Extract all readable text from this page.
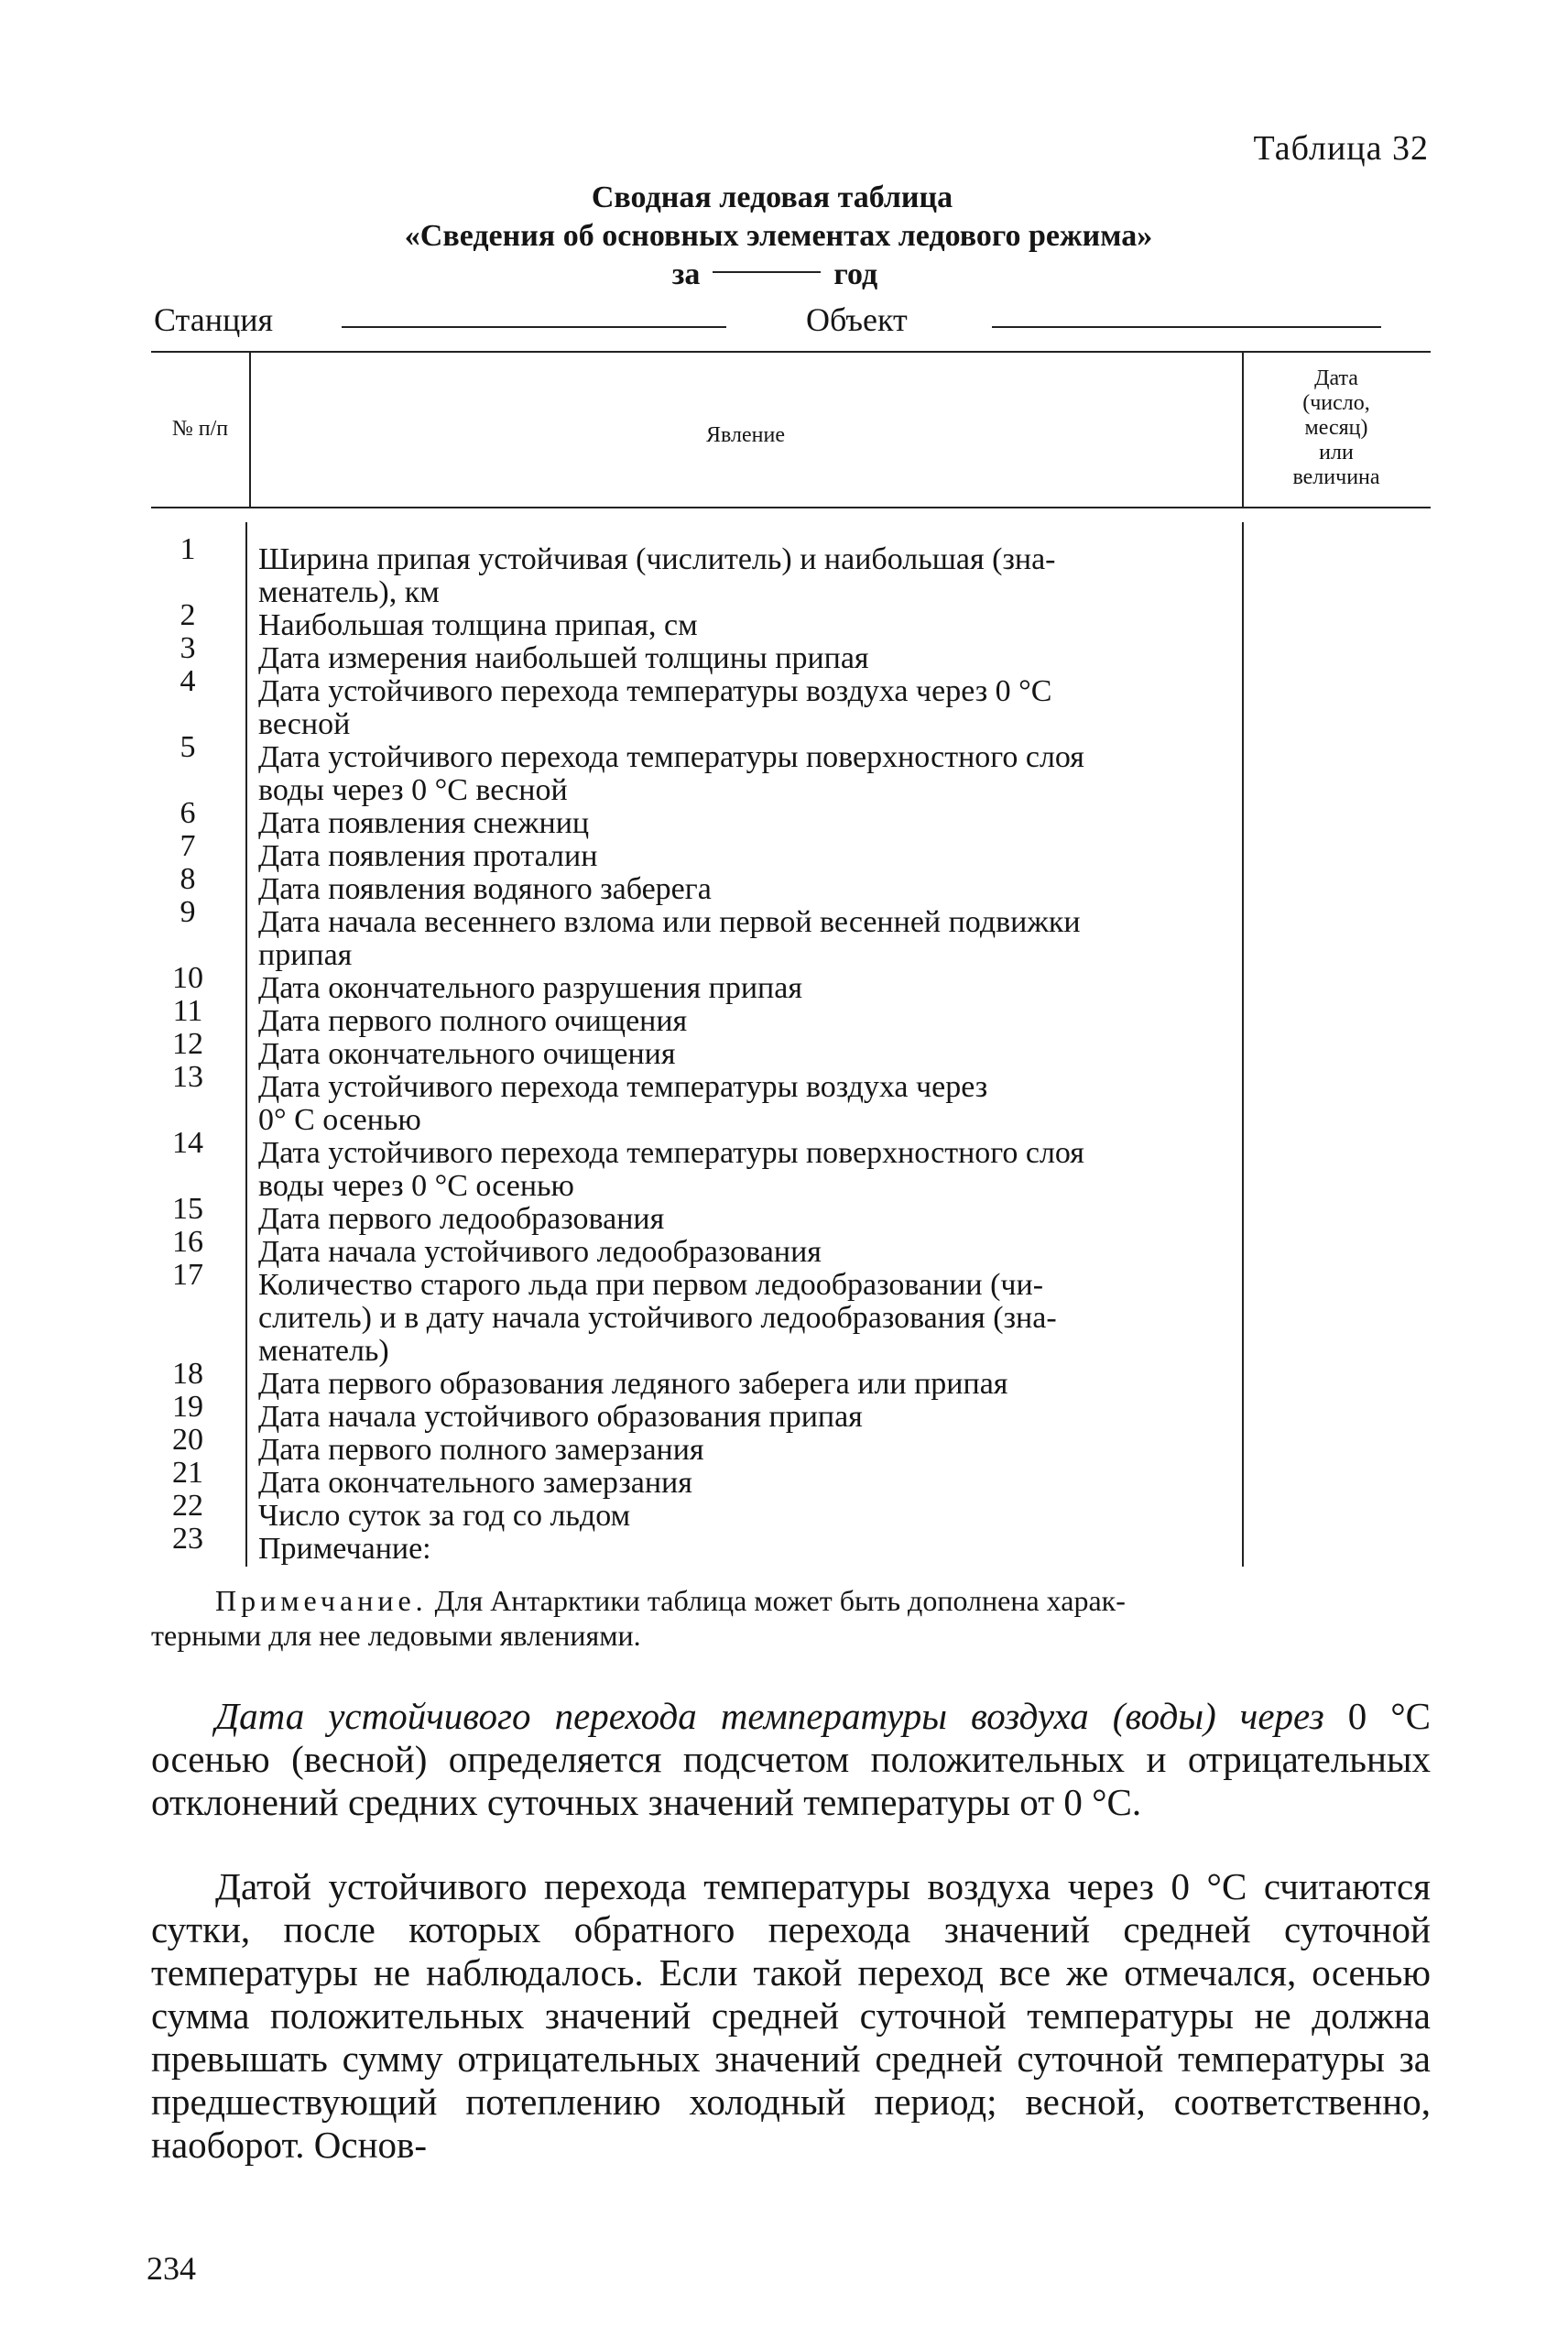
Таблица 32
Сводная ледовая таблица
«Сведения об основных элементах ледового режима»
за	год
Станция	Объект
№ п/п	Явление
Дата
(число,
месяц)
или
величина
1	Ширина припая устойчивая (числитель) и наибольшая (зна-
менатель), км
2	Наибольшая толщина припая, см
3	Дата измерения наибольшей толщины припая
4	Дата устойчивого перехода температуры воздуха через 0 °С
весной
5	Дата устойчивого перехода температуры поверхностного слоя
воды через 0 °С весной
6	Дата появления снежниц
7	Дата появления проталин
8	Дата появления водяного заберега
9	Дата начала весеннего взлома или первой весенней подвижки
припая
10	Дата окончательного разрушения припая
11	Дата первого полного очищения
12	Дата окончательного очищения
13	Дата устойчивого перехода температуры воздуха через
0° С осенью
14	Дата устойчивого перехода температуры поверхностного слоя
воды через 0 °С осенью
15	Дата первого ледообразования
16	Дата начала устойчивого ледообразования
17	Количество старого льда при первом ледообразовании (чи-
слитель) и в дату начала устойчивого ледообразования (зна-
менатель)
18	Дата первого образования ледяного заберега или припая
19	Дата начала устойчивого образования припая
20	Дата первого полного замерзания
21	Дата окончательного замерзания
22	Число суток за год со льдом
23	Примечание:
Примечание. Для Антарктики таблица может быть дополнена харак-
терными для нее ледовыми явлениями.
Дата устойчивого перехода температуры воздуха (воды) через 0 °С осенью (весной) определяется подсчетом положительных и отрицательных отклонений средних суточных значений температуры от 0 °С.
Датой устойчивого перехода температуры воздуха через 0 °С считаются сутки, после которых обратного перехода значений средней суточной температуры не наблюдалось. Если такой переход все же отмечался, осенью сумма положительных значений средней суточной температуры не должна превышать сумму отрицательных значений средней суточной температуры за предшествующий потеплению холодный период; весной, соответственно, наоборот. Основ-
234
